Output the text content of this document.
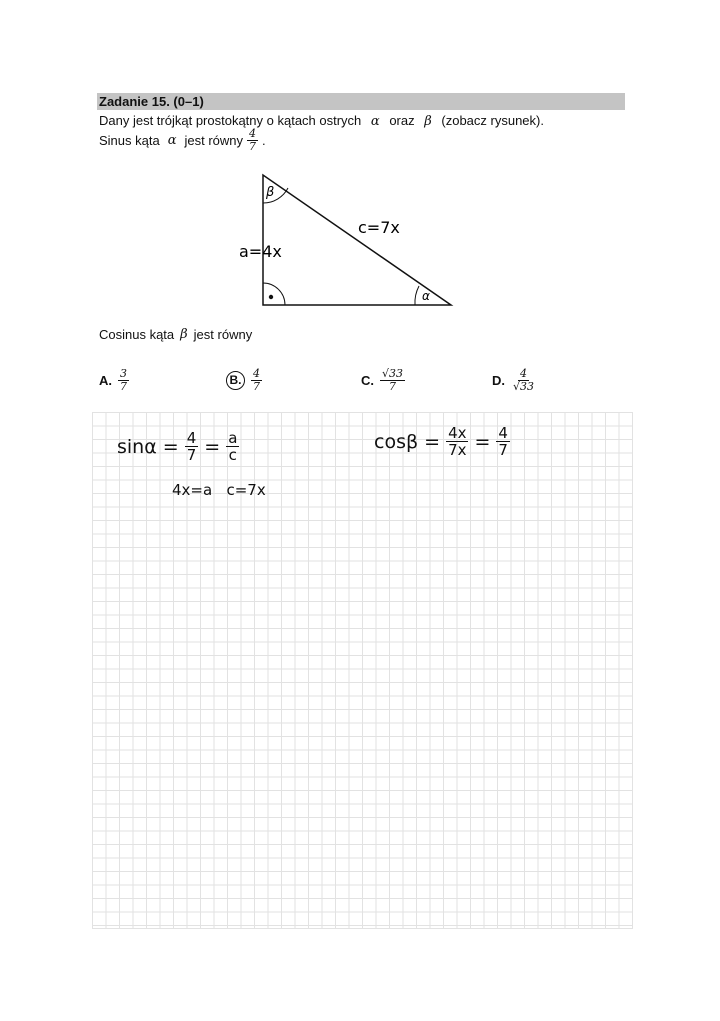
Zadanie 15. (0–1)
Dany jest trójkąt prostokątny o kątach ostrych α oraz β (zobacz rysunek).
Sinus kąta α jest równy $\frac{4}{7}$ .
β
α
c=7x
a=4x
Cosinus kąta β jest równy
A. $\frac{3}{7}$	B. $\frac{4}{7}$	C. $\frac{√33}{7}$	D. $\frac{4}{√33}$
$\sin\alpha = \frac{4}{7} = \frac{a}{c}$
4x=a   c=7x
$\cos\beta = \frac{4x}{7x} = \frac{4}{7}$
